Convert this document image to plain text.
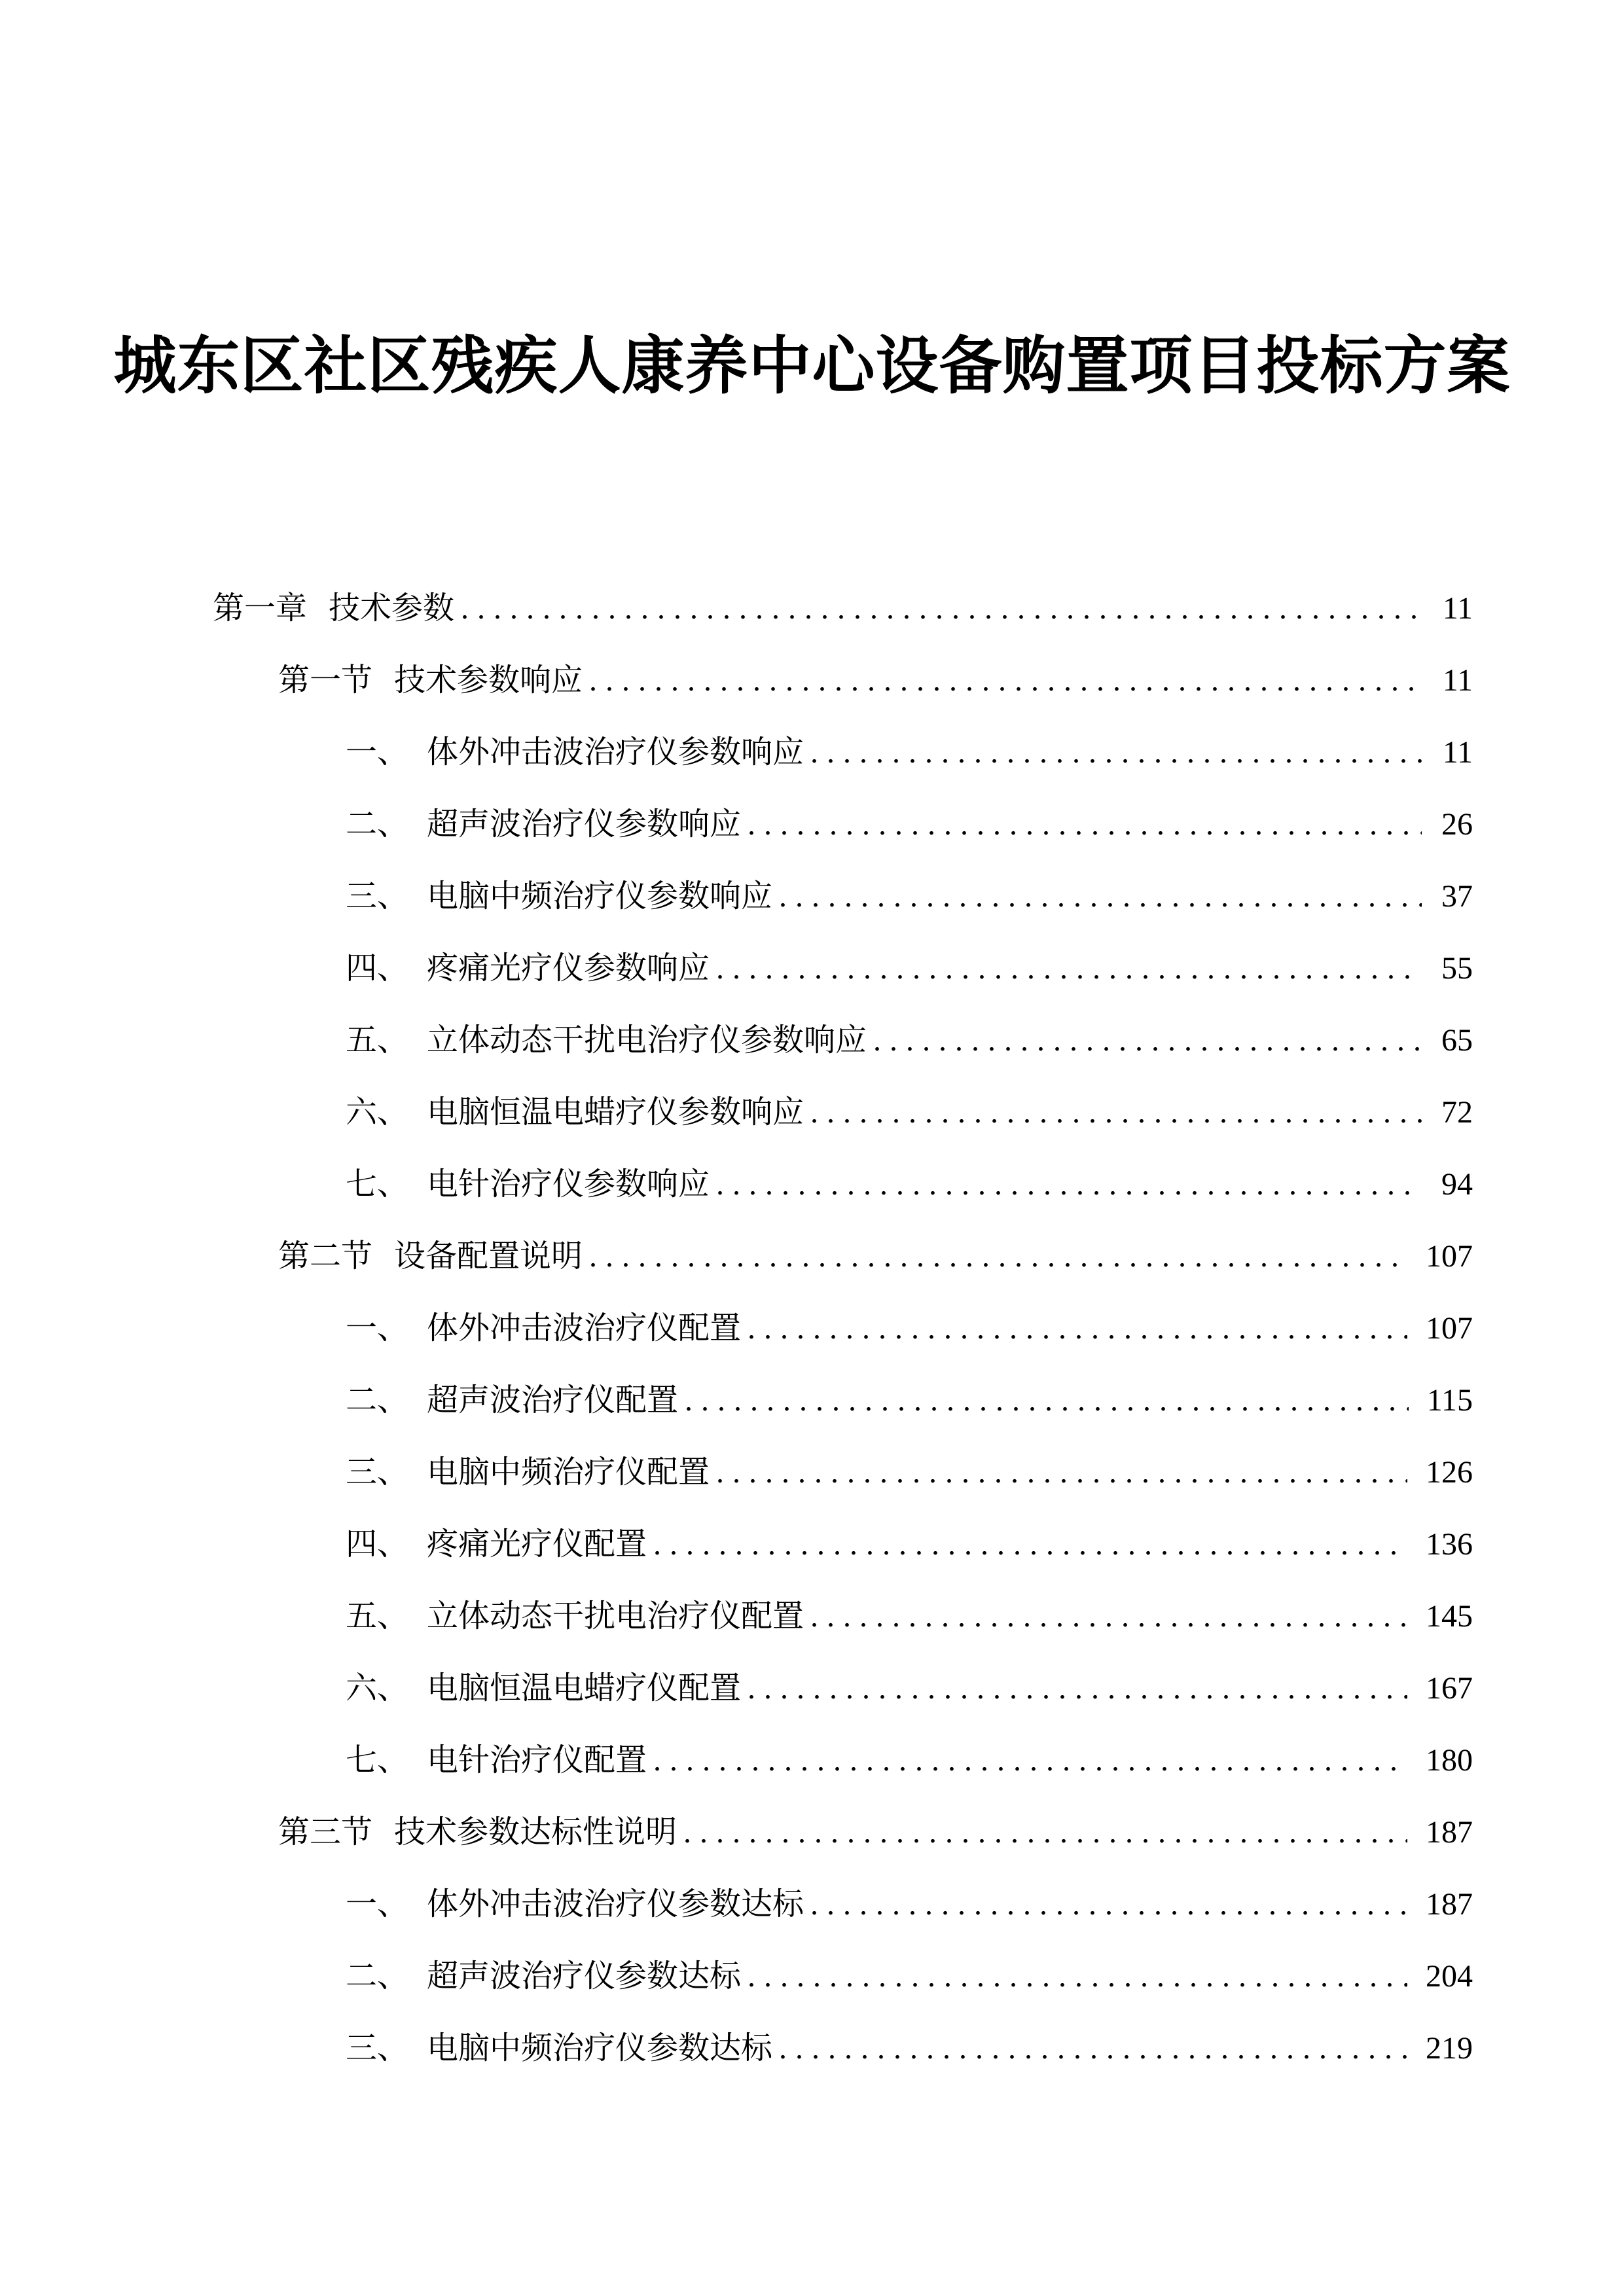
城东区社区残疾人康养中心设备购置项目投标方案
第一章 技术参数 .....	11
第一节 技术参数响应 .....	11
一、 体外冲击波治疗仪参数响应 .....	11
二、 超声波治疗仪参数响应 .....	26
三、 电脑中频治疗仪参数响应 .....	37
四、 疼痛光疗仪参数响应 .....	55
五、 立体动态干扰电治疗仪参数响应 .....	65
六、 电脑恒温电蜡疗仪参数响应 .....	72
七、 电针治疗仪参数响应 .....	94
第二节 设备配置说明 .....	107
一、 体外冲击波治疗仪配置 .....	107
二、 超声波治疗仪配置 .....	115
三、 电脑中频治疗仪配置 .....	126
四、 疼痛光疗仪配置 .....	136
五、 立体动态干扰电治疗仪配置 .....	145
六、 电脑恒温电蜡疗仪配置 .....	167
七、 电针治疗仪配置 .....	180
第三节 技术参数达标性说明 .....	187
一、 体外冲击波治疗仪参数达标 .....	187
二、 超声波治疗仪参数达标 .....	204
三、 电脑中频治疗仪参数达标 .....	219
